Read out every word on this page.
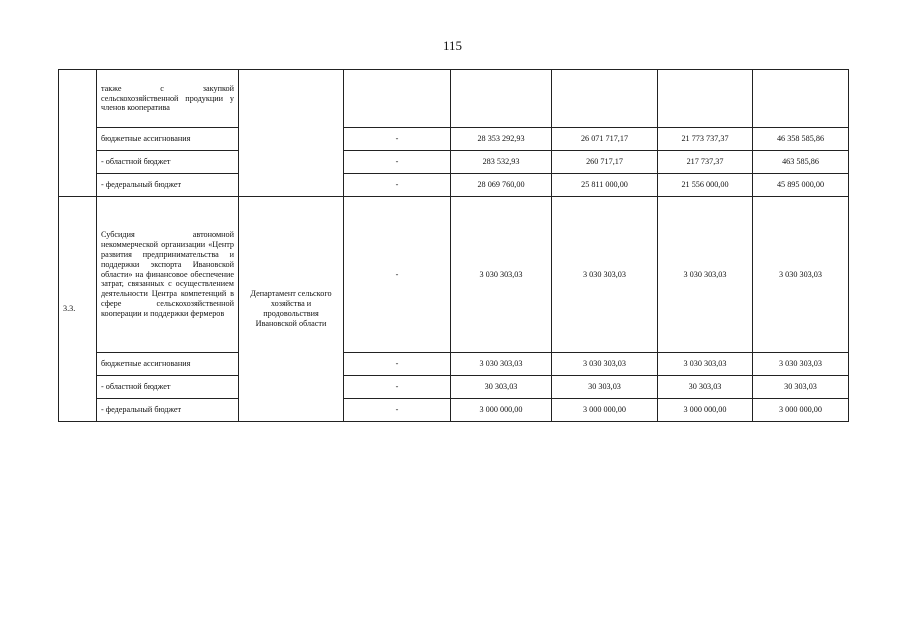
115
	также с закупкой сельскохозяйственной продукции у членов кооператива						
	бюджетные ассигнования		-	28 353 292,93	26 071 717,17	21 773 737,37	46 358 585,86
	- областной бюджет		-	283 532,93	260 717,17	217 737,37	463 585,86
	- федеральный бюджет		-	28 069 760,00	25 811 000,00	21 556 000,00	45 895 000,00
3.3.	Субсидия автономной некоммерческой организации «Центр развития предпринимательства и поддержки экспорта Ивановской области» на финансовое обеспечение затрат, связанных с осуществлением деятельности Центра компетенций в сфере сельскохозяйственной кооперации и поддержки фермеров	Департамент сельского хозяйства и продовольствия Ивановской области	-	3 030 303,03	3 030 303,03	3 030 303,03	3 030 303,03
	бюджетные ассигнования		-	3 030 303,03	3 030 303,03	3 030 303,03	3 030 303,03
	- областной бюджет		-	30 303,03	30 303,03	30 303,03	30 303,03
	- федеральный бюджет		-	3 000 000,00	3 000 000,00	3 000 000,00	3 000 000,00
